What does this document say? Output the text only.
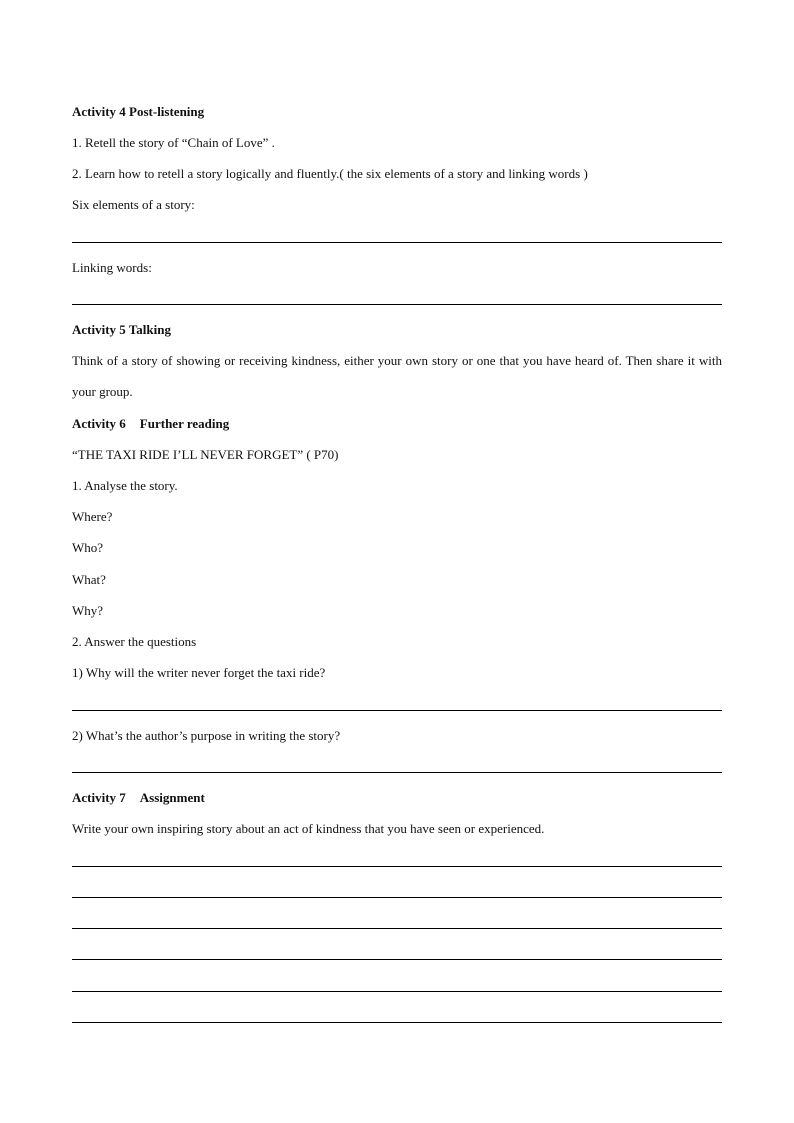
Activity 4 Post-listening
1. Retell the story of “Chain of Love” .
2. Learn how to retell a story logically and fluently.( the six elements of a story and linking words )
Six elements of a story:
Linking words:
Activity 5 Talking
Think of a story of showing or receiving kindness, either your own story or one that you have heard of. Then share it with your group.
Activity 6 Further reading
“THE TAXI RIDE I’LL NEVER FORGET” ( P70)
1. Analyse the story.
Where?
Who?
What?
Why?
2. Answer the questions
1) Why will the writer never forget the taxi ride?
2) What’s the author’s purpose in writing the story?
Activity 7 Assignment
Write your own inspiring story about an act of kindness that you have seen or experienced.
